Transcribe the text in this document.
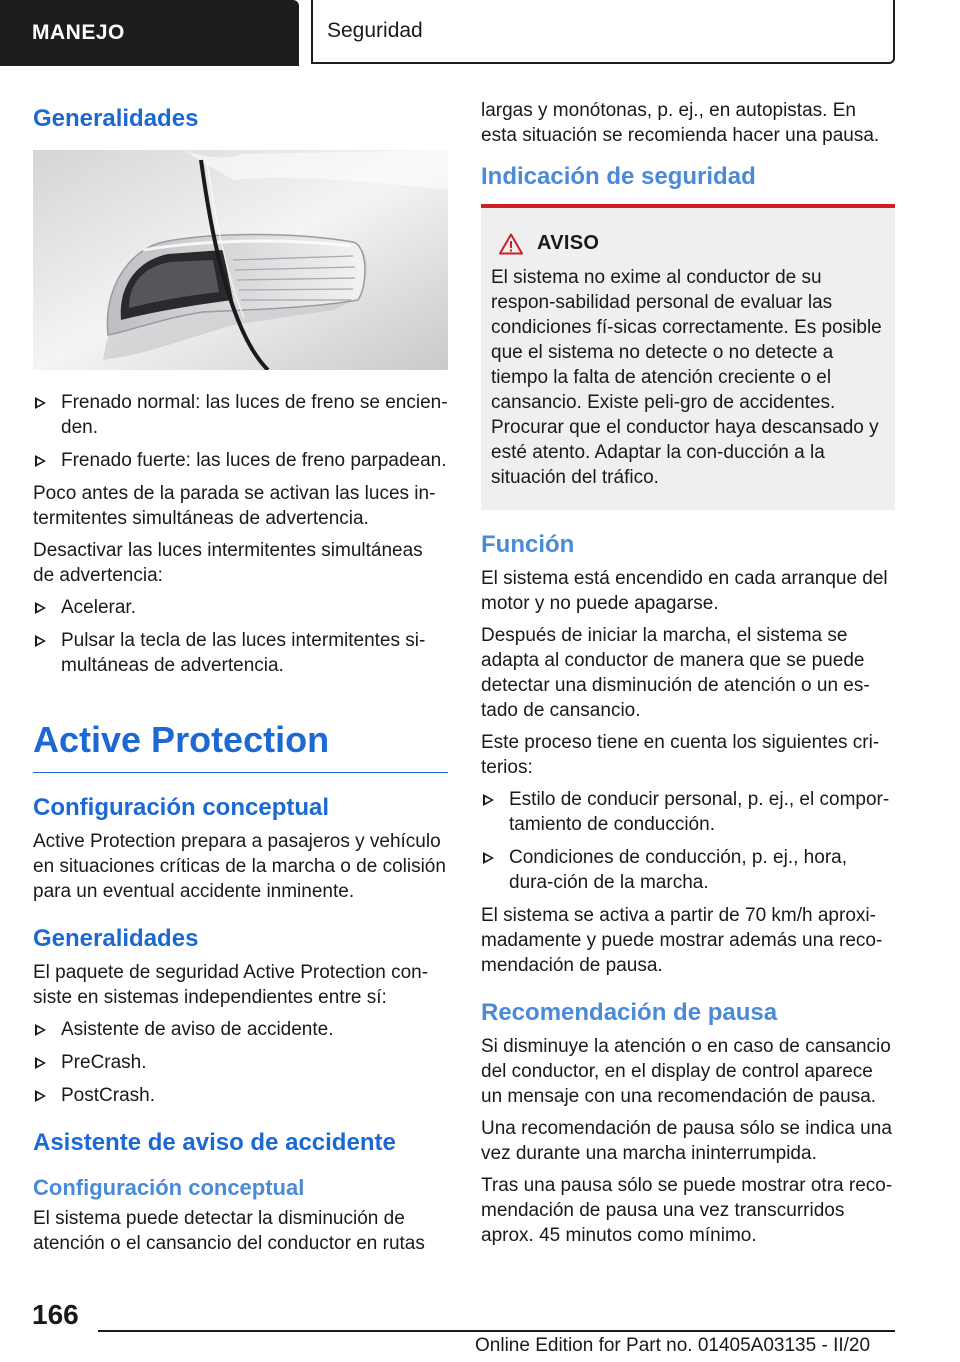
MANEJO	Seguridad
Generalidades
Frenado normal: las luces de freno se encien-den.
Frenado fuerte: las luces de freno parpadean.

Poco antes de la parada se activan las luces in-termitentes simultáneas de advertencia.

Desactivar las luces intermitentes simultáneas de advertencia:

Acelerar.
Pulsar la tecla de las luces intermitentes si-multáneas de advertencia.
Active Protection
Configuración conceptual

Active Protection prepara a pasajeros y vehículo en situaciones críticas de la marcha o de colisión para un eventual accidente inminente.

Generalidades

El paquete de seguridad Active Protection con-siste en sistemas independientes entre sí:

Asistente de aviso de accidente.
PreCrash.
PostCrash.
Asistente de aviso de accidente
Configuración conceptual

El sistema puede detectar la disminución de atención o el cansancio del conductor en rutas

largas y monótonas, p. ej., en autopistas. En esta situación se recomienda hacer una pausa.

Indicación de seguridad
AVISO

El sistema no exime al conductor de su respon-sabilidad personal de evaluar las condiciones fí-sicas correctamente. Es posible que el sistema no detecte o no detecte a tiempo la falta de atención creciente o el cansancio. Existe peli-gro de accidentes. Procurar que el conductor haya descansado y esté atento. Adaptar la con-ducción a la situación del tráfico.

Función

El sistema está encendido en cada arranque del motor y no puede apagarse.

Después de iniciar la marcha, el sistema se adapta al conductor de manera que se puede detectar una disminución de atención o un es-tado de cansancio.

Este proceso tiene en cuenta los siguientes cri-terios:

Estilo de conducir personal, p. ej., el compor-tamiento de conducción.
Condiciones de conducción, p. ej., hora, dura-ción de la marcha.

El sistema se activa a partir de 70 km/h aproxi-madamente y puede mostrar además una reco-mendación de pausa.

Recomendación de pausa

Si disminuye la atención o en caso de cansancio del conductor, en el display de control aparece un mensaje con una recomendación de pausa.

Una recomendación de pausa sólo se indica una vez durante una marcha ininterrumpida.

Tras una pausa sólo se puede mostrar otra reco-mendación de pausa una vez transcurridos aprox. 45 minutos como mínimo.

166
Online Edition for Part no. 01405A03135 - II/20
